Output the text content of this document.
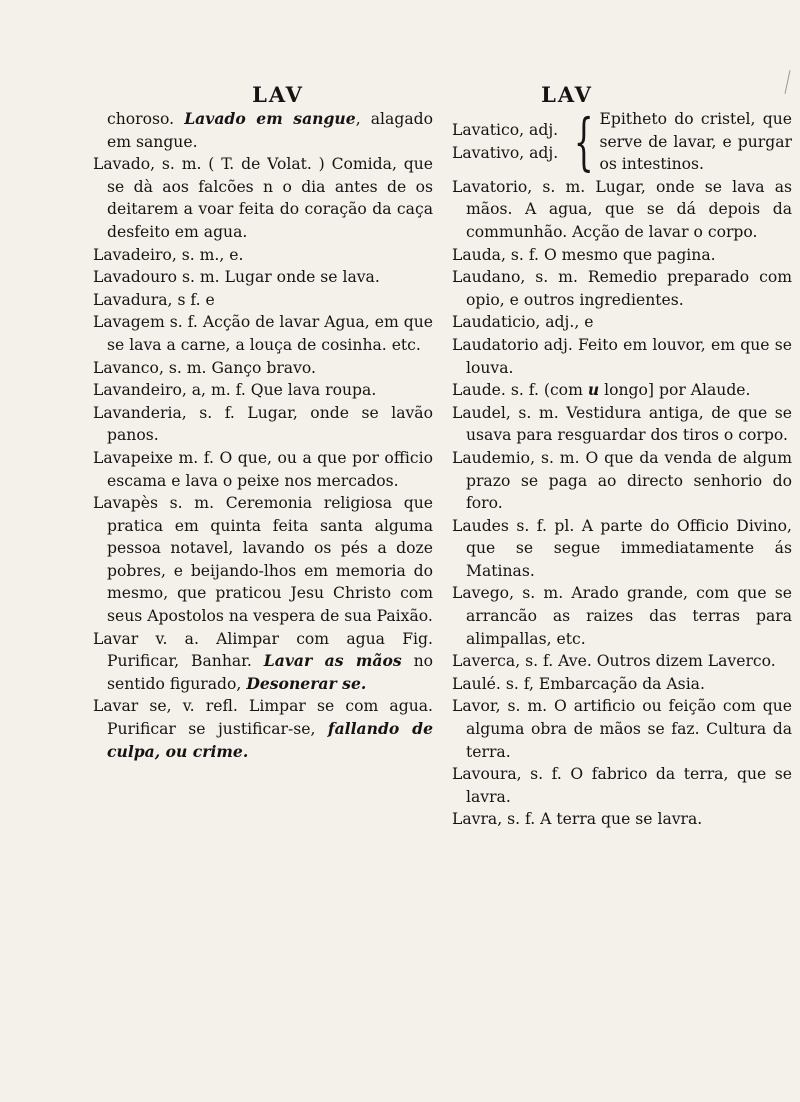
LAV

choroso. Lavado em sangue, alagado em sangue.

Lavado, s. m. ( T. de Volat. ) Comida, que se dà aos falcões n o dia antes de os deitarem a voar feita do coração da caça desfeito em agua.

Lavadeiro, s. m., e.

Lavadouro s. m. Lugar onde se lava.

Lavadura, s f. e

Lavagem s. f. Acção de lavar Agua, em que se lava a carne, a louça de cosinha. etc.

Lavanco, s. m. Ganço bravo.

Lavandeiro, a, m. f. Que lava roupa.

Lavanderia, s. f. Lugar, onde se lavão panos.

Lavapeixe m. f. O que, ou a que por officio escama e lava o peixe nos mercados.

Lavapès s. m. Ceremonia religiosa que pratica em quinta feita santa alguma pessoa notavel, lavando os pés a doze pobres, e beijando-lhos em memoria do mesmo, que praticou Jesu Christo com seus Apostolos na vespera de sua Paixão.

Lavar v. a. Alimpar com agua Fig. Purificar, Banhar. Lavar as mãos no sentido figurado, Desonerar se.

Lavar se, v. refl. Limpar se com agua. Purificar se justificar-se, fallando de culpa, ou crime.

LAV
Lavatico, adj.
Lavativo, adj. { Epitheto do cristel, que serve de lavar, e purgar os intestinos.

Lavatorio, s. m. Lugar, onde se lava as mãos. A agua, que se dá depois da communhão. Acção de lavar o corpo.

Lauda, s. f. O mesmo que pagina.

Laudano, s. m. Remedio preparado com opio, e outros ingredientes.

Laudaticio, adj., e

Laudatorio adj. Feito em louvor, em que se louva.

Laude. s. f. (com u longo] por Alaude.

Laudel, s. m. Vestidura antiga, de que se usava para resguardar dos tiros o corpo.

Laudemio, s. m. O que da venda de algum prazo se paga ao directo senhorio do foro.

Laudes s. f. pl. A parte do Officio Divino, que se segue immediatamente ás Matinas.

Lavego, s. m. Arado grande, com que se arrancão as raizes das terras para alimpallas, etc.

Laverca, s. f. Ave. Outros dizem Laverco.

Laulé. s. f, Embarcação da Asia.

Lavor, s. m. O artificio ou feição com que alguma obra de mãos se faz. Cultura da terra.

Lavoura, s. f. O fabrico da terra, que se lavra.

Lavra, s. f. A terra que se lavra.
